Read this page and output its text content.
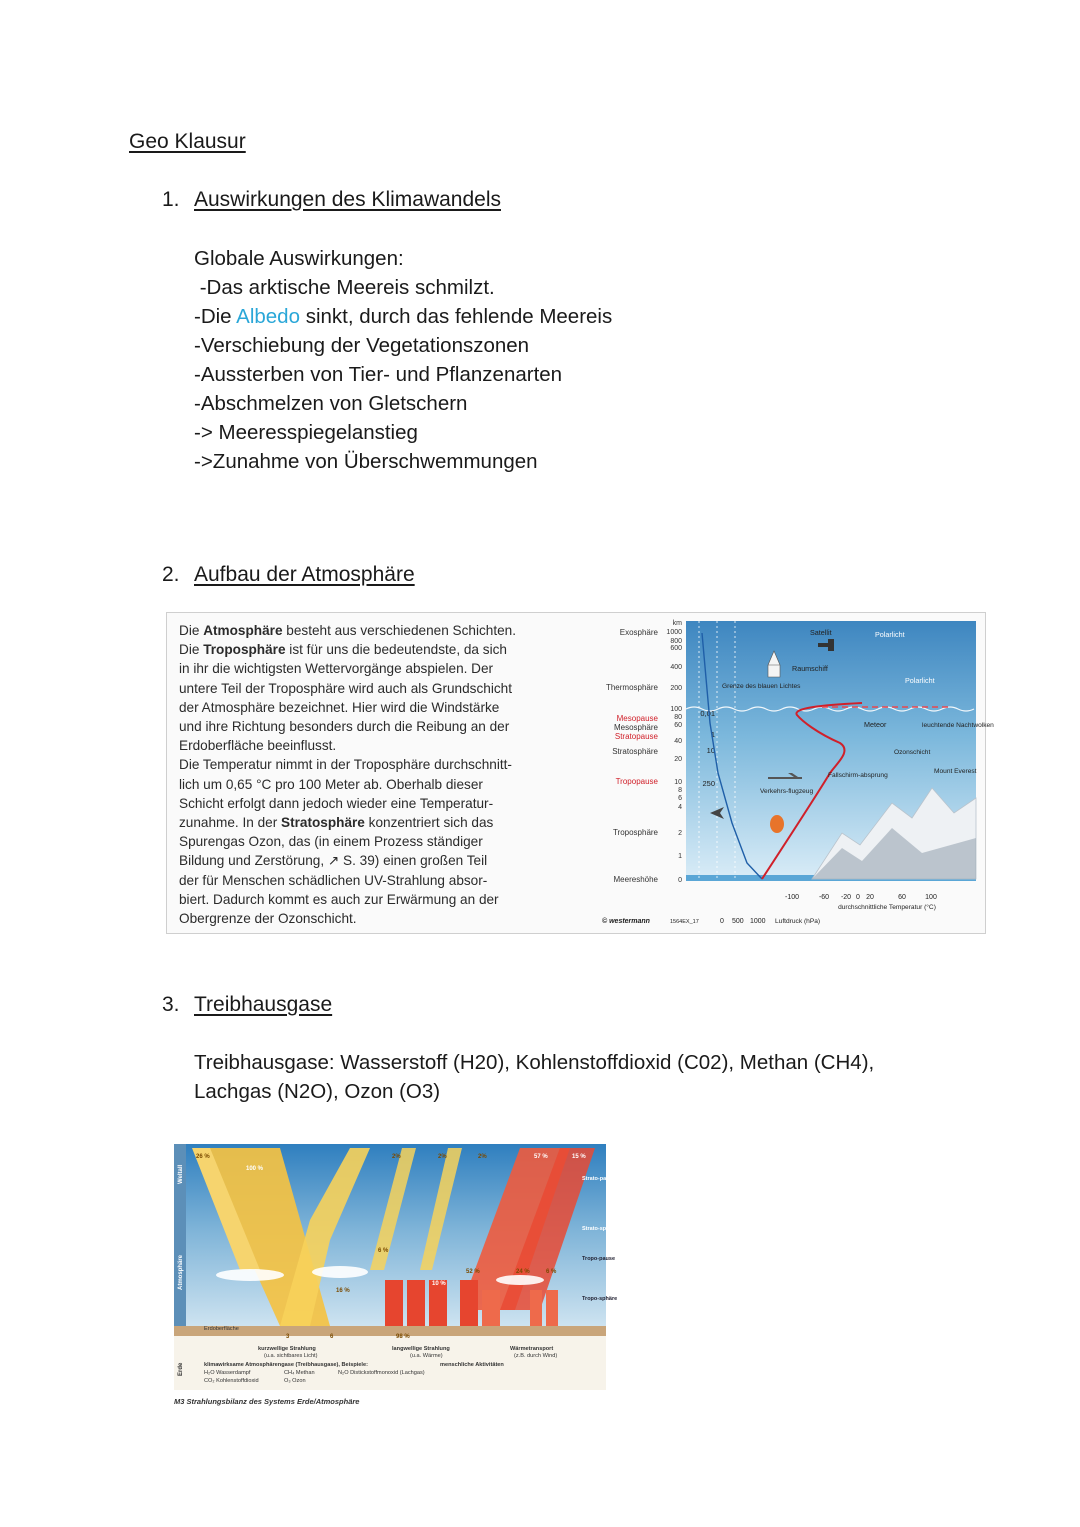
Geo Klausur
1. Auswirkungen des Klimawandels
Globale Auswirkungen:
-Das arktische Meereis schmilzt.
-Die Albedo sinkt, durch das fehlende Meereis
-Verschiebung der Vegetationszonen
-Aussterben von Tier- und Pflanzenarten
-Abschmelzen von Gletschern
-> Meeresspiegelanstieg
->Zunahme von Überschwemmungen
2. Aufbau der Atmosphäre
Die Atmosphäre besteht aus verschiedenen Schichten.
Die Troposphäre ist für uns die bedeutendste, da sich
in ihr die wichtigsten Wettervorgänge abspielen. Der
untere Teil der Troposphäre wird auch als Grundschicht
der Atmosphäre bezeichnet. Hier wird die Windstärke
und ihre Richtung besonders durch die Reibung an der
Erdoberfläche beeinflusst.
Die Temperatur nimmt in der Troposphäre durchschnitt-
lich um 0,65 °C pro 100 Meter ab. Oberhalb dieser
Schicht erfolgt dann jedoch wieder eine Temperatur-
zunahme. In der Stratosphäre konzentriert sich das
Spurengas Ozon, das (in einem Prozess ständiger
Bildung und Zerstörung, ↗ S. 39) einen großen Teil
der für Menschen schädlichen UV-Strahlung absor-
biert. Dadurch kommt es auch zur Erwärmung an der
Obergrenze der Ozonschicht.
Exosphäre
Thermosphäre
Mesopause
Mesosphäre
Stratopause
Stratosphäre
Tropopause
Troposphäre
Meereshöhe
km
1000
800
600
400
200
100
80
60
40
20
10
8
6
4
2
1
0
0,01
1
10
250
Satellit	Polarlicht
Raumschiff
Polarlicht
Grenze des blauen Lichtes
Meteor	leuchtende Nachtwolken
Ozonschicht
Fallschirm-absprung
Mount Everest
Verkehrs-flugzeug
-100	-60 -20 0 20	60	100
durchschnittliche Temperatur (°C)
© westermann	1564EX_17	0 500 1000 Luftdruck (hPa)
3. Treibhausgase
Treibhausgase: Wasserstoff (H20), Kohlenstoffdioxid (C02), Methan (CH4),
Lachgas (N2O), Ozon (O3)
Weltall
Atmosphäre
Erde
Strato-pause
Strato-sphäre
Tropo-pause
Tropo-sphäre
26 %
100 %
2%	2%	2%	57 %	15 %
6 %
16 %
10 %
52 %	24 %	6 %
3	6	98 %
Erdoberfläche
kurzwellige Strahlung
(u.a. sichtbares Licht)
langwellige Strahlung
(u.a. Wärme)
Wärmetransport
(z.B. durch Wind)
klimawirksame Atmosphärengase (Treibhausgase), Beispiele:	menschliche Aktivitäten
H₂O Wasserdampf
CO₂ Kohlenstoffdioxid
CH₄ Methan
O₃ Ozon
N₂O Distickstoffmonoxid (Lachgas)
M3 Strahlungsbilanz des Systems Erde/Atmosphäre
